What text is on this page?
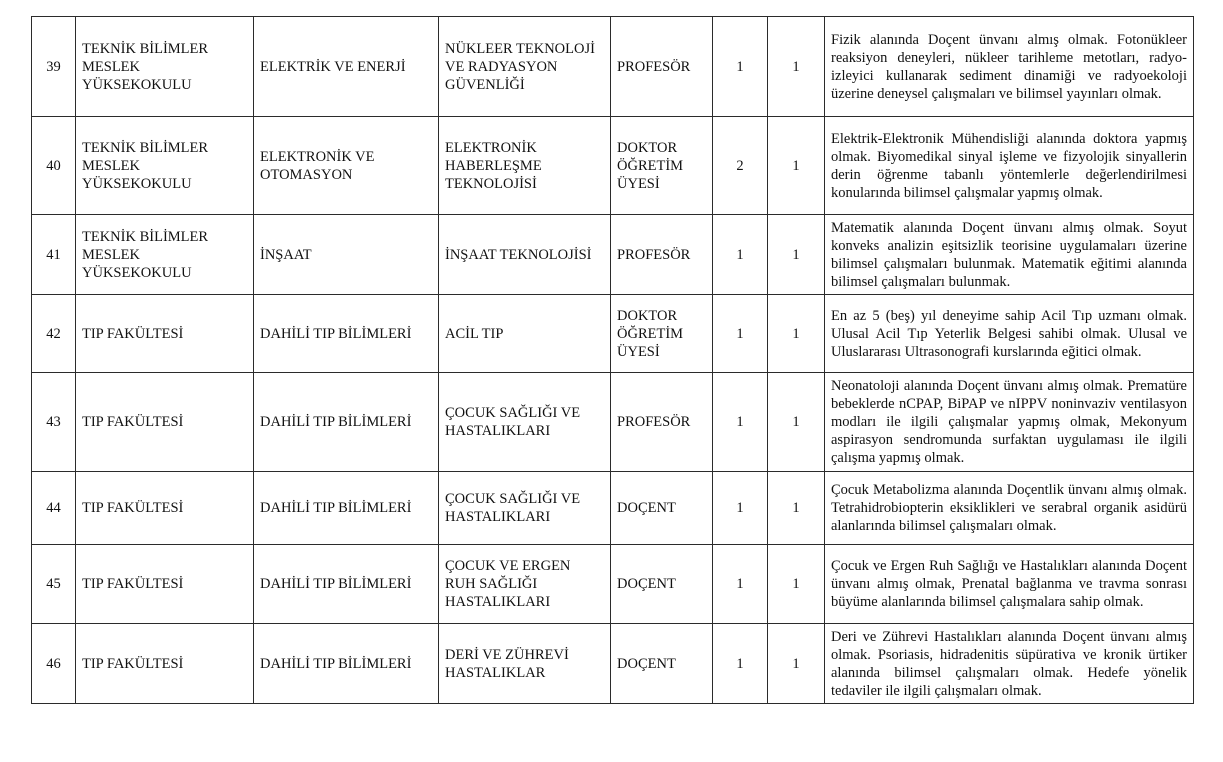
39	TEKNİK BİLİMLER MESLEK YÜKSEKOKULU	ELEKTRİK VE ENERJİ	NÜKLEER TEKNOLOJİ VE RADYASYON GÜVENLİĞİ	PROFESÖR	1	1	Fizik alanında Doçent ünvanı almış olmak. Fotonükleer reaksiyon deneyleri, nükleer tarihleme metotları, radyo-izleyici kullanarak sediment dinamiği ve radyoekoloji üzerine deneysel çalışmaları ve bilimsel yayınları olmak.
40	TEKNİK BİLİMLER MESLEK YÜKSEKOKULU	ELEKTRONİK VE OTOMASYON	ELEKTRONİK HABERLEŞME TEKNOLOJİSİ	DOKTOR ÖĞRETİM ÜYESİ	2	1	Elektrik-Elektronik Mühendisliği alanında doktora yapmış olmak. Biyomedikal sinyal işleme ve fizyolojik sinyallerin derin öğrenme tabanlı yöntemlerle değerlendirilmesi konularında bilimsel çalışmalar yapmış olmak.
41	TEKNİK BİLİMLER MESLEK YÜKSEKOKULU	İNŞAAT	İNŞAAT TEKNOLOJİSİ	PROFESÖR	1	1	Matematik alanında Doçent ünvanı almış olmak. Soyut konveks analizin eşitsizlik teorisine uygulamaları üzerine bilimsel çalışmaları bulunmak. Matematik eğitimi alanında bilimsel çalışmaları bulunmak.
42	TIP FAKÜLTESİ	DAHİLİ TIP BİLİMLERİ	ACİL TIP	DOKTOR ÖĞRETİM ÜYESİ	1	1	En az 5 (beş) yıl deneyime sahip Acil Tıp uzmanı olmak. Ulusal Acil Tıp Yeterlik Belgesi sahibi olmak. Ulusal ve Uluslararası Ultrasonografi kurslarında eğitici olmak.
43	TIP FAKÜLTESİ	DAHİLİ TIP BİLİMLERİ	ÇOCUK SAĞLIĞI VE HASTALIKLARI	PROFESÖR	1	1	Neonatoloji alanında Doçent ünvanı almış olmak. Prematüre bebeklerde nCPAP, BiPAP ve nIPPV noninvaziv ventilasyon modları ile ilgili çalışmalar yapmış olmak, Mekonyum aspirasyon sendromunda surfaktan uygulaması ile ilgili çalışma yapmış olmak.
44	TIP FAKÜLTESİ	DAHİLİ TIP BİLİMLERİ	ÇOCUK SAĞLIĞI VE HASTALIKLARI	DOÇENT	1	1	Çocuk Metabolizma alanında Doçentlik ünvanı almış olmak. Tetrahidrobiopterin eksiklikleri ve serabral organik asidürü alanlarında bilimsel çalışmaları olmak.
45	TIP FAKÜLTESİ	DAHİLİ TIP BİLİMLERİ	ÇOCUK VE ERGEN RUH SAĞLIĞI HASTALIKLARI	DOÇENT	1	1	Çocuk ve Ergen Ruh Sağlığı ve Hastalıkları alanında Doçent ünvanı almış olmak, Prenatal bağlanma ve travma sonrası büyüme alanlarında bilimsel çalışmalara sahip olmak.
46	TIP FAKÜLTESİ	DAHİLİ TIP BİLİMLERİ	DERİ VE ZÜHREVİ HASTALIKLAR	DOÇENT	1	1	Deri ve Zührevi Hastalıkları alanında Doçent ünvanı almış olmak. Psoriasis, hidradenitis süpürativa ve kronik ürtiker alanında bilimsel çalışmaları olmak. Hedefe yönelik tedaviler ile ilgili çalışmaları olmak.
